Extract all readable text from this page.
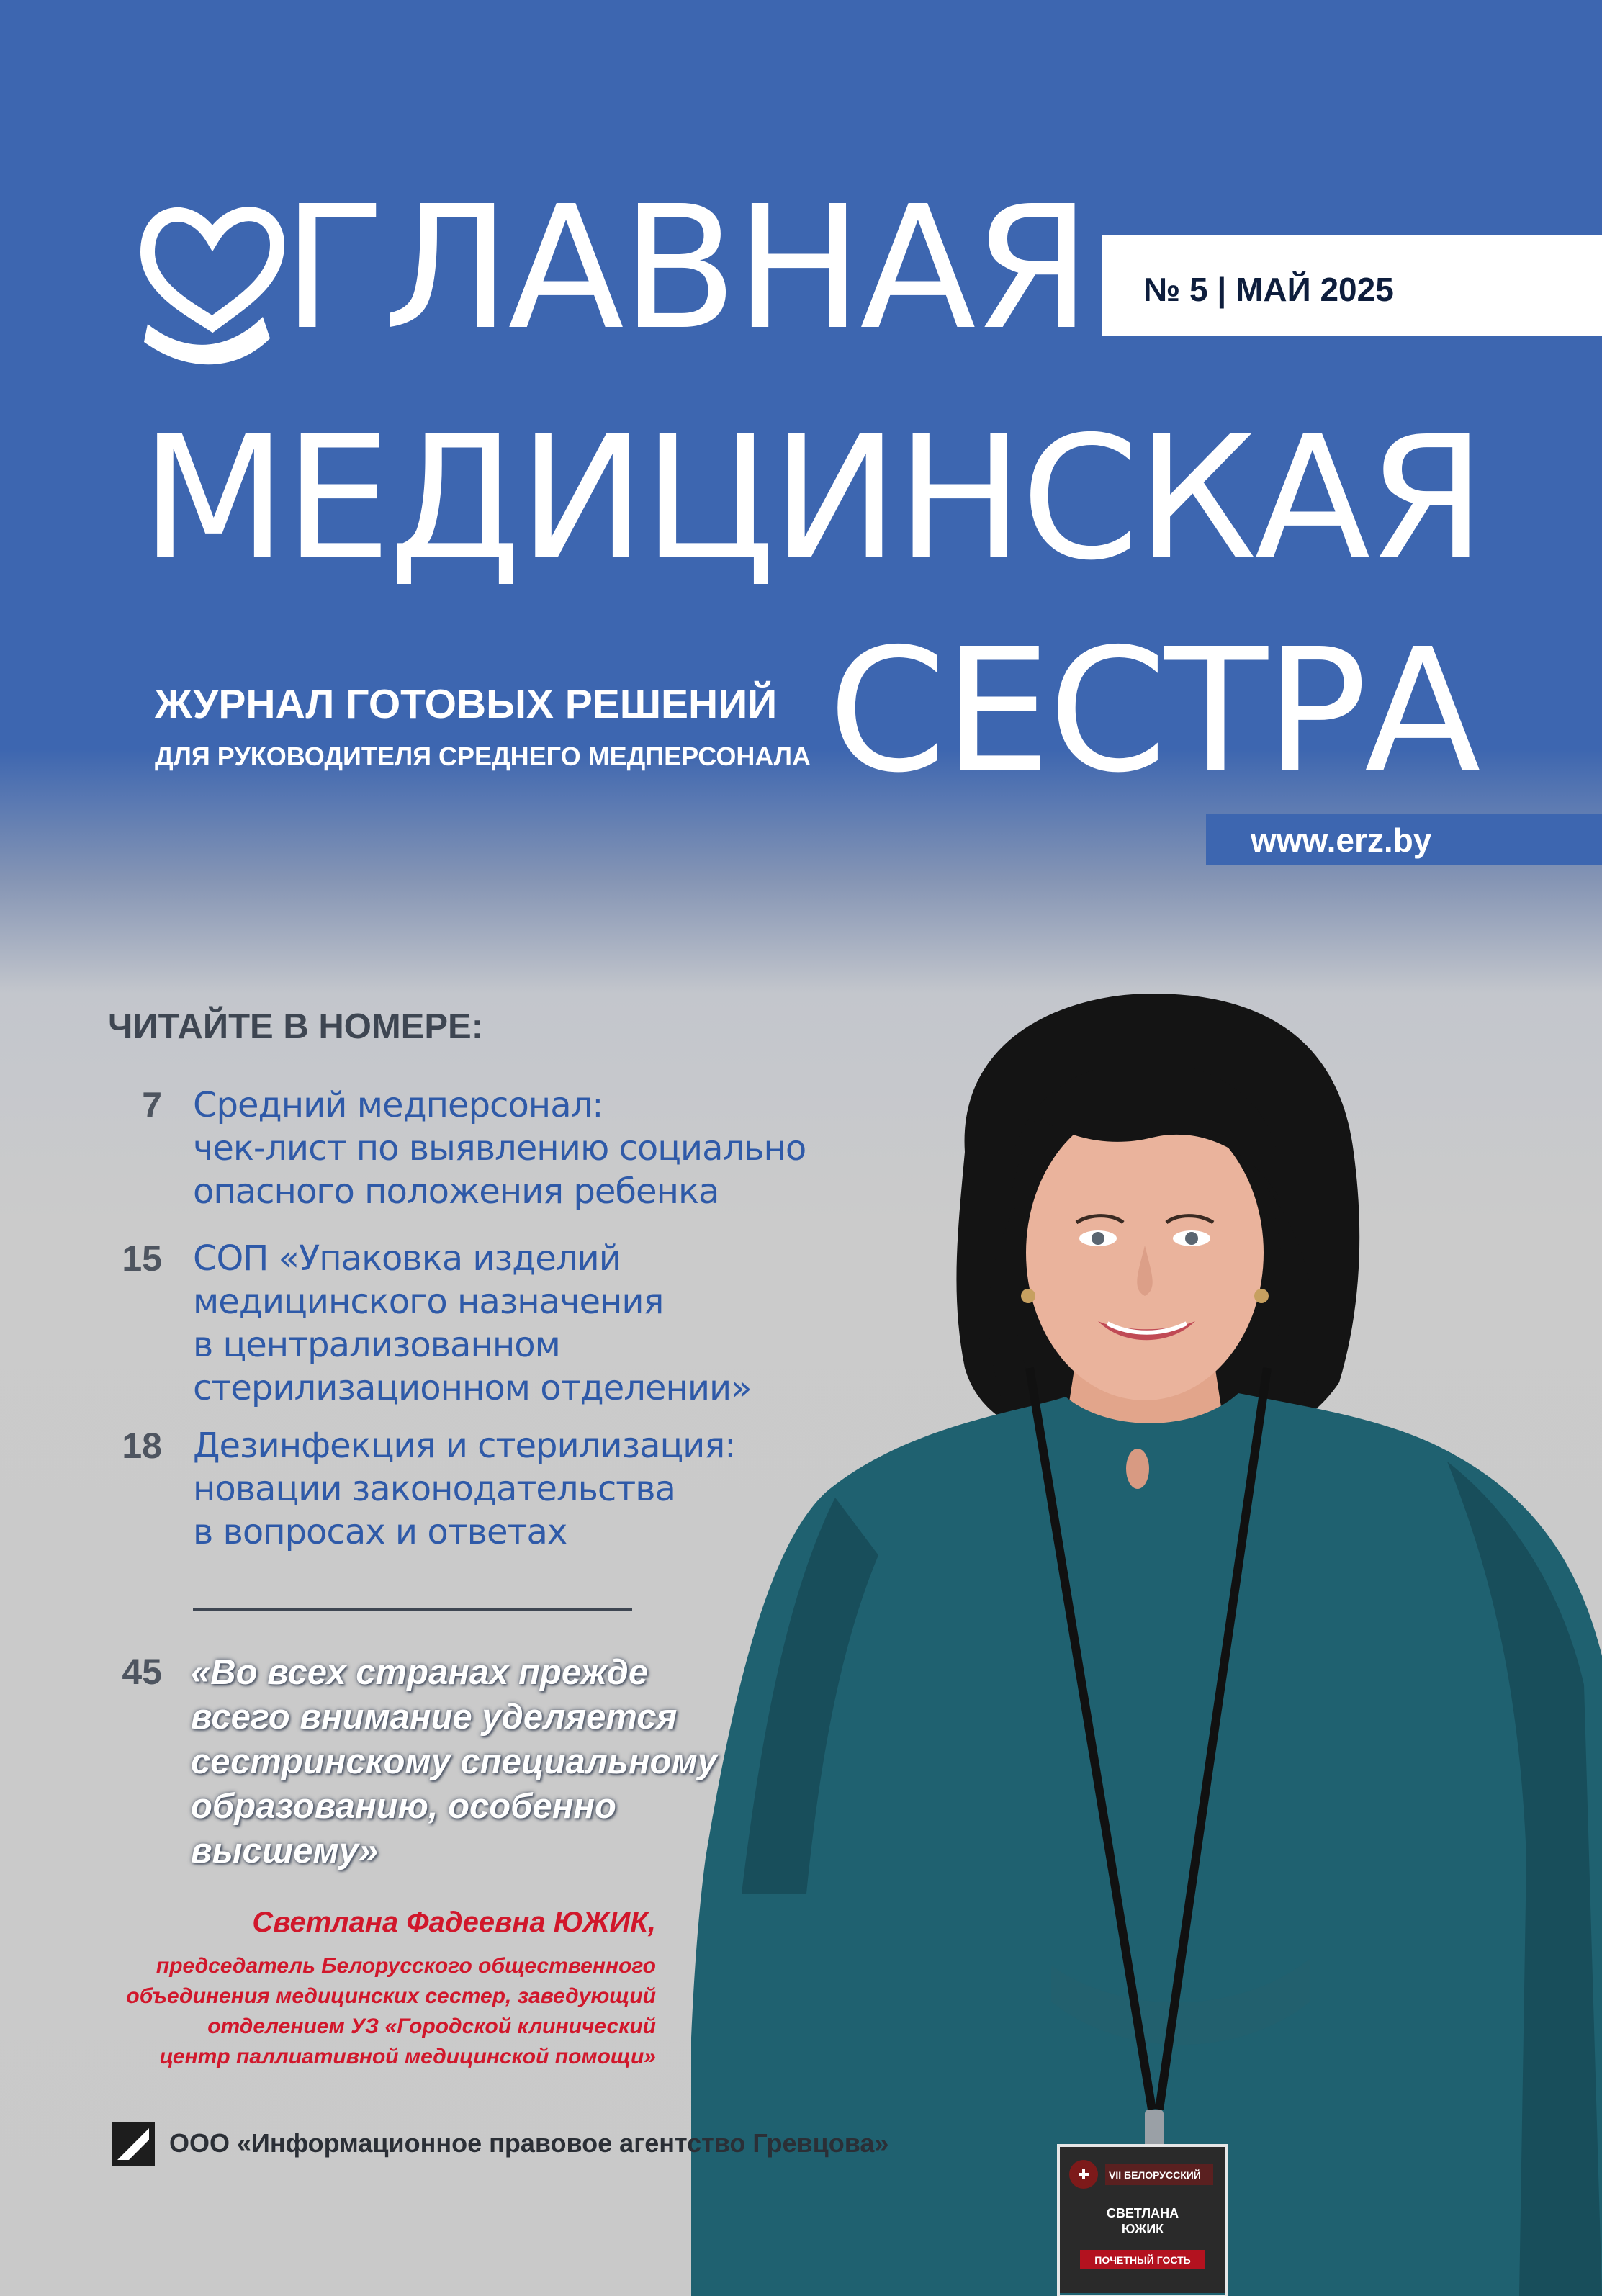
VII БЕЛОРУССКИЙ
СВЕТЛАНА
ЮЖИК
ПОЧЕТНЫЙ ГОСТЬ
ГЛАВНАЯ
МЕДИЦИНСКАЯ
СЕСТРА
№ 5 | МАЙ 2025
ЖУРНАЛ ГОТОВЫХ РЕШЕНИЙ
ДЛЯ РУКОВОДИТЕЛЯ СРЕДНЕГО МЕДПЕРСОНАЛА
www.erz.by
ЧИТАЙТЕ В НОМЕРЕ:
7 Средний медперсонал:
чек-лист по выявлению социально
опасного положения ребенка
15 СОП «Упаковка изделий
медицинского назначения
в централизованном
стерилизационном отделении»
18 Дезинфекция и стерилизация:
новации законодательства
в вопросах и ответах
45 «Во всех странах прежде
всего внимание уделяется
сестринскому специальному
образованию, особенно
высшему»
Светлана Фадеевна ЮЖИК,
председатель Белорусского общественного
объединения медицинских сестер, заведующий
отделением УЗ «Городской клинический
центр паллиативной медицинской помощи»
ООО «Информационное правовое агентство Гревцова»
